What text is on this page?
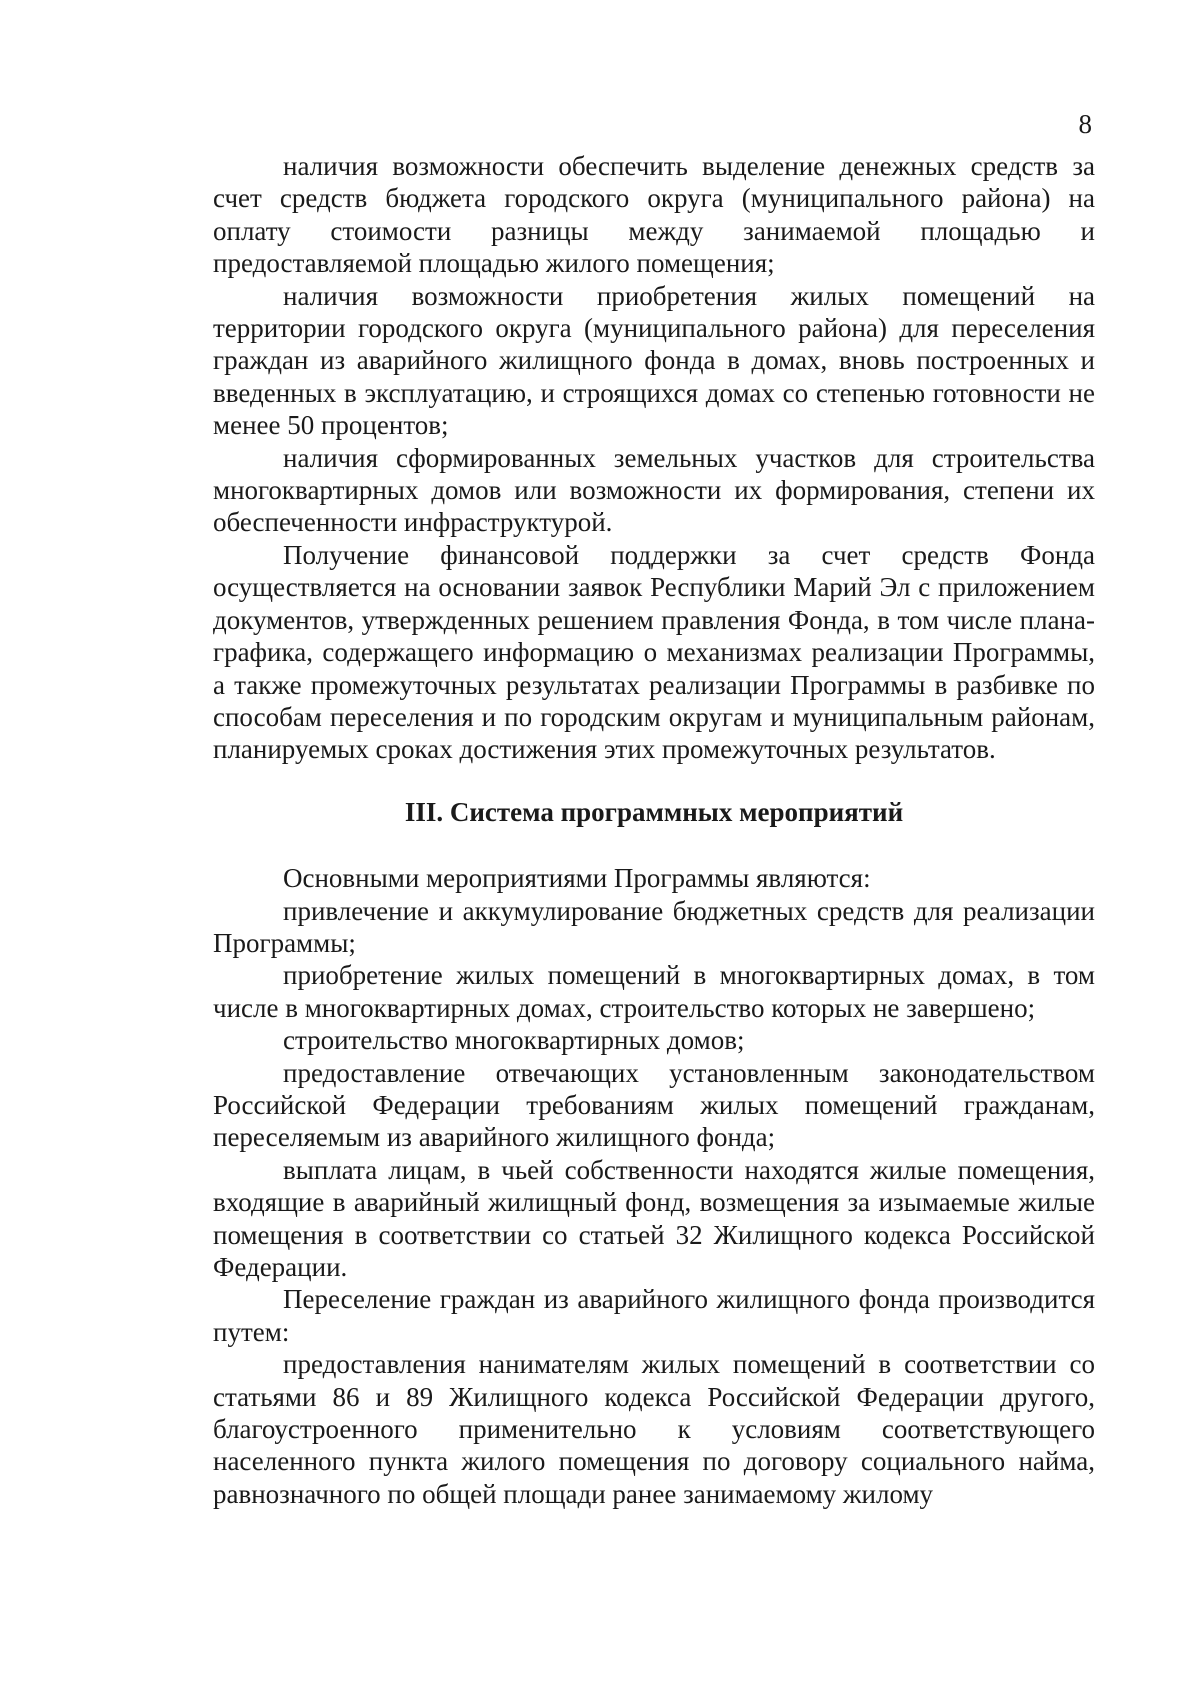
8

наличия возможности обеспечить выделение денежных средств за счет средств бюджета городского округа (муниципального района) на оплату стоимости разницы между занимаемой площадью и предоставляемой площадью жилого помещения;

наличия возможности приобретения жилых помещений на территории городского округа (муниципального района) для переселения граждан из аварийного жилищного фонда в домах, вновь построенных и введенных в эксплуатацию, и строящихся домах со степенью готовности не менее 50 процентов;

наличия сформированных земельных участков для строительства многоквартирных домов или возможности их формирования, степени их обеспеченности инфраструктурой.

Получение финансовой поддержки за счет средств Фонда осуществляется на основании заявок Республики Марий Эл с приложением документов, утвержденных решением правления Фонда, в том числе плана-графика, содержащего информацию о механизмах реализации Программы, а также промежуточных результатах реализации Программы в разбивке по способам переселения и по городским округам и муниципальным районам, планируемых сроках достижения этих промежуточных результатов.

III. Система программных мероприятий

Основными мероприятиями Программы являются:

привлечение и аккумулирование бюджетных средств для реализации Программы;

приобретение жилых помещений в многоквартирных домах, в том числе в многоквартирных домах, строительство которых не завершено;

строительство многоквартирных домов;

предоставление отвечающих установленным законодательством Российской Федерации требованиям жилых помещений гражданам, переселяемым из аварийного жилищного фонда;

выплата лицам, в чьей собственности находятся жилые помещения, входящие в аварийный жилищный фонд, возмещения за изымаемые жилые помещения в соответствии со статьей 32 Жилищного кодекса Российской Федерации.

Переселение граждан из аварийного жилищного фонда производится путем:

предоставления нанимателям жилых помещений в соответствии со статьями 86 и 89 Жилищного кодекса Российской Федерации другого, благоустроенного применительно к условиям соответствующего населенного пункта жилого помещения по договору социального найма, равнозначного по общей площади ранее занимаемому жилому
